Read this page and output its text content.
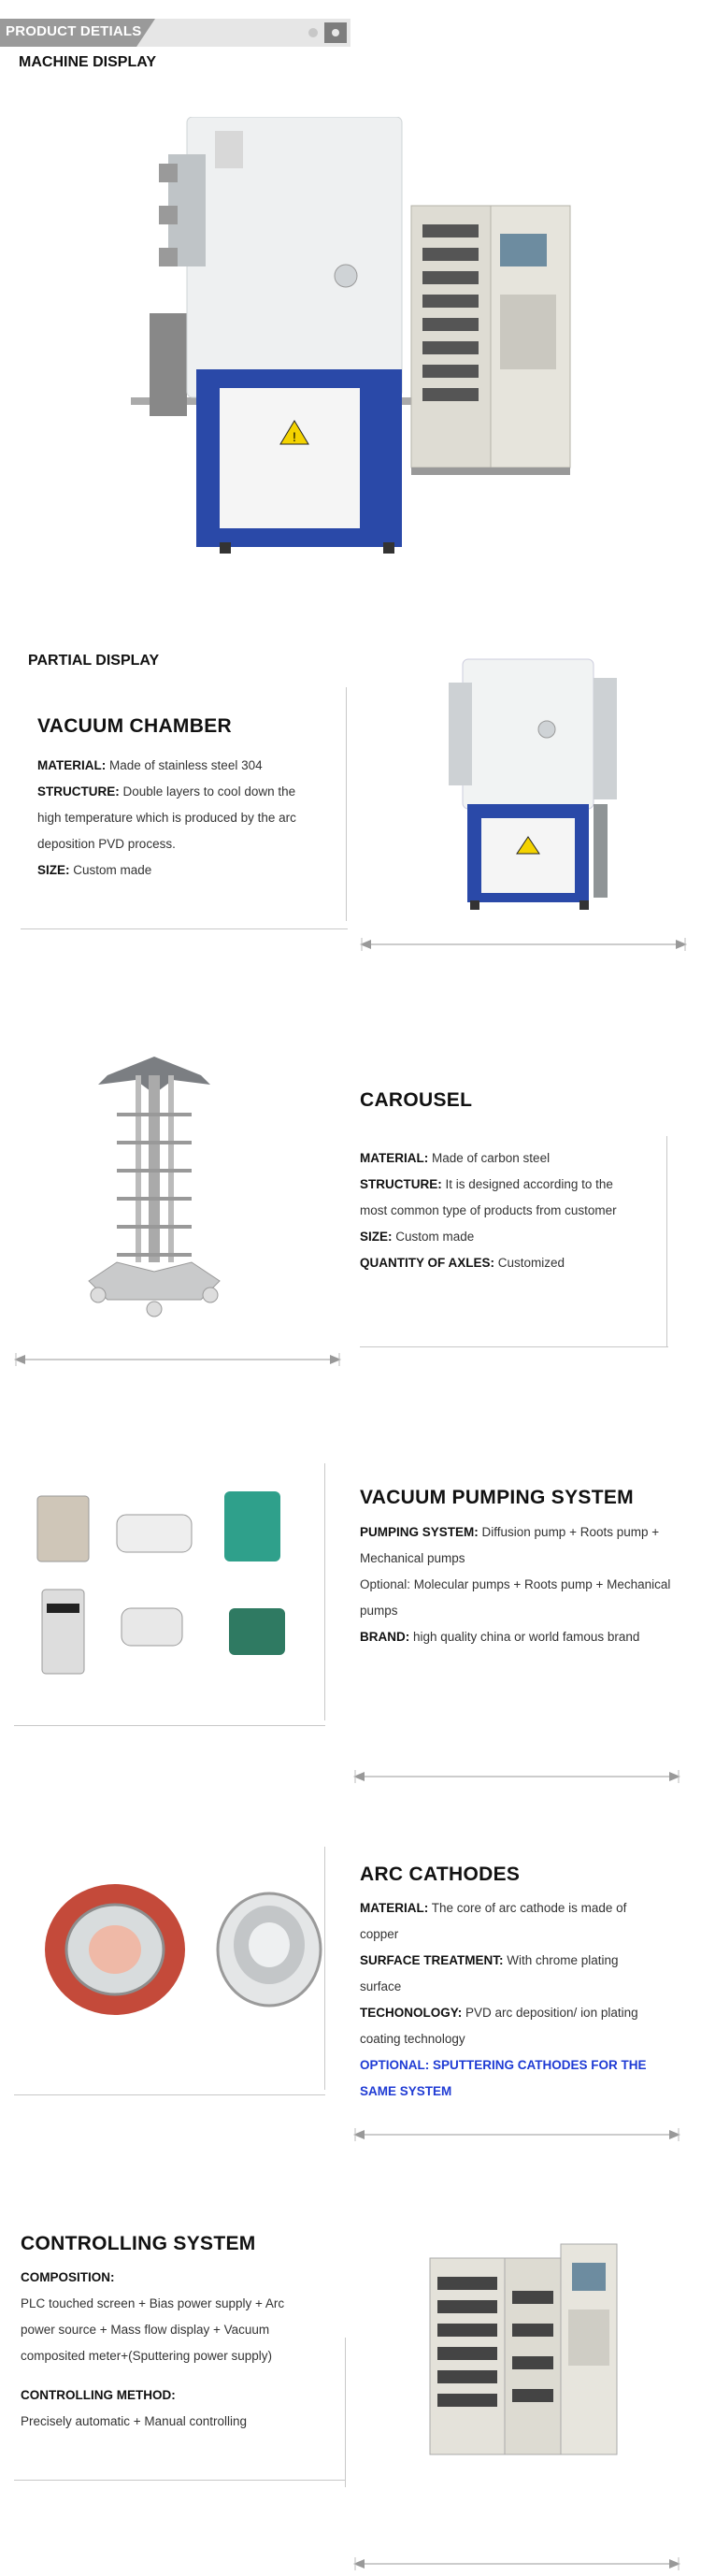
PRODUCT DETIALS
MACHINE DISPLAY
!
PARTIAL DISPLAY
VACUUM CHAMBER
MATERIAL: Made of stainless steel 304
STRUCTURE: Double layers to cool down the high temperature which is produced by the arc deposition PVD process.
SIZE: Custom made
CAROUSEL
MATERIAL: Made of carbon steel
STRUCTURE: It is designed according to the most common type of products from customer
SIZE: Custom made
QUANTITY OF AXLES: Customized
VACUUM PUMPING SYSTEM
PUMPING SYSTEM: Diffusion pump + Roots pump + Mechanical pumps
Optional: Molecular pumps + Roots pump + Mechanical pumps
BRAND: high quality china or world famous brand
ARC CATHODES
MATERIAL: The core of arc cathode is made of copper
SURFACE TREATMENT: With chrome plating surface
TECHONOLOGY: PVD arc deposition/ ion plating coating technology
OPTIONAL: SPUTTERING CATHODES FOR THE SAME SYSTEM
CONTROLLING SYSTEM
COMPOSITION:
PLC touched screen + Bias power supply + Arc power source + Mass flow display + Vacuum composited meter+(Sputtering power supply)
CONTROLLING METHOD:
Precisely automatic + Manual controlling
